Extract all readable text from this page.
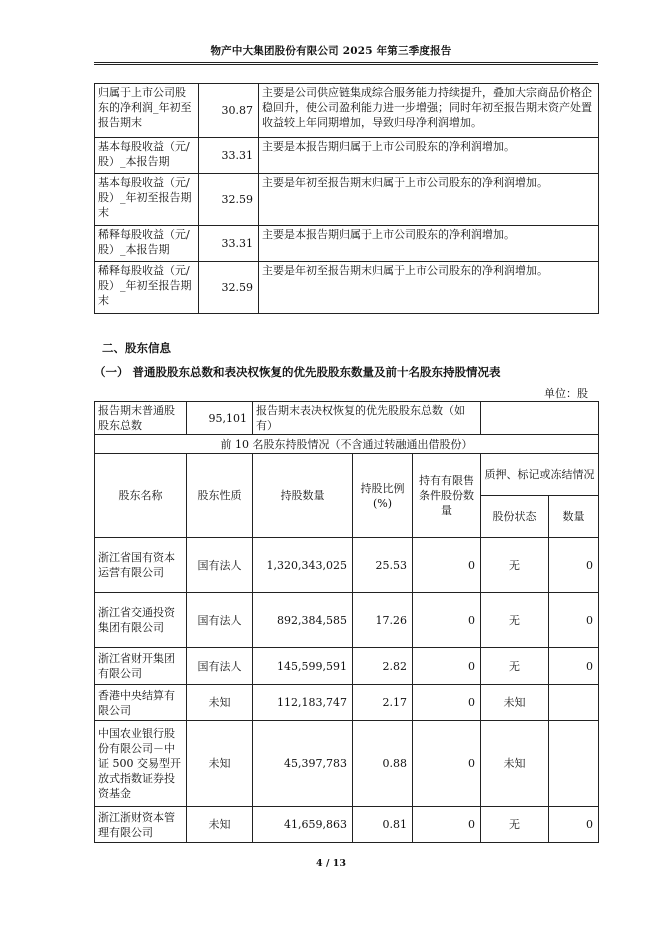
物产中大集团股份有限公司 2025 年第三季度报告
归属于上市公司股东的净利润_年初至报告期末	30.87	主要是公司供应链集成综合服务能力持续提升，叠加大宗商品价格企稳回升，使公司盈利能力进一步增强；同时年初至报告期末资产处置收益较上年同期增加，导致归母净利润增加。
基本每股收益（元/股）_本报告期	33.31	主要是本报告期归属于上市公司股东的净利润增加。
基本每股收益（元/股）_年初至报告期末	32.59	主要是年初至报告期末归属于上市公司股东的净利润增加。
稀释每股收益（元/股）_本报告期	33.31	主要是本报告期归属于上市公司股东的净利润增加。
稀释每股收益（元/股）_年初至报告期末	32.59	主要是年初至报告期末归属于上市公司股东的净利润增加。
二、股东信息
（一） 普通股股东总数和表决权恢复的优先股股东数量及前十名股东持股情况表
单位：股
报告期末普通股股东总数	95,101	报告期末表决权恢复的优先股股东总数（如有）				
前 10 名股东持股情况（不含通过转融通出借股份）						
股东名称	股东性质	持股数量	持股比例(%)	持有有限售条件股份数量	质押、标记或冻结情况	
					股份状态	数量
浙江省国有资本运营有限公司	国有法人	1,320,343,025	25.53	0	无	0
浙江省交通投资集团有限公司	国有法人	892,384,585	17.26	0	无	0
浙江省财开集团有限公司	国有法人	145,599,591	2.82	0	无	0
香港中央结算有限公司	未知	112,183,747	2.17	0	未知	
中国农业银行股份有限公司－中证 500 交易型开放式指数证券投资基金	未知	45,397,783	0.88	0	未知	
浙江浙财资本管理有限公司	未知	41,659,863	0.81	0	无	0
4 / 13
